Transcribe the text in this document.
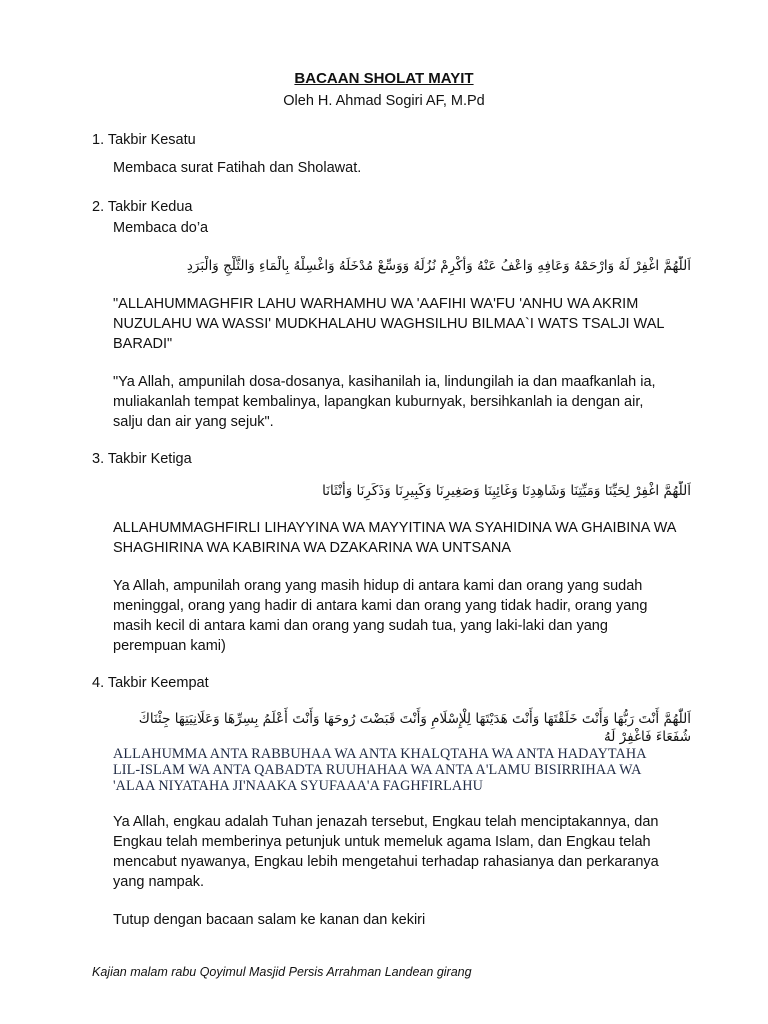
BACAAN SHOLAT MAYIT
Oleh H. Ahmad Sogiri AF, M.Pd
1. Takbir Kesatu
Membaca surat Fatihah dan Sholawat.
2. Takbir Kedua
Membaca do’a
اَللّٰهُمَّ اغْفِرْ لَهُ وَارْحَمْهُ وَعَافِهِ وَاعْفُ عَنْهُ وَأَكْرِمْ نُزُلَهُ وَوَسِّعْ مُدْخَلَهُ وَاغْسِلْهُ بِالْمَاءِ وَالثَّلْجِ وَالْبَرَدِ
"ALLAHUMMAGHFIR LAHU WARHAMHU WA 'AAFIHI WA'FU 'ANHU WA AKRIM NUZULAHU WA WASSI' MUDKHALAHU WAGHSILHU BILMAA`I WATS TSALJI WAL BARADI"
"Ya Allah, ampunilah dosa-dosanya, kasihanilah ia, lindungilah ia dan maafkanlah ia, muliakanlah tempat kembalinya, lapangkan kuburnyak, bersihkanlah ia dengan air, salju dan air yang sejuk".
3. Takbir Ketiga
اَللّٰهُمَّ اغْفِرْ لِحَيِّنَا وَمَيِّتِنَا وَشَاهِدِنَا وَغَائِبِنَا وَصَغِيرِنَا وَكَبِيرِنَا وَذَكَرِنَا وَأُنْثَانَا
ALLAHUMMAGHFIRLI LIHAYYINA WA MAYYITINA WA SYAHIDINA WA GHAIBINA WA SHAGHIRINA WA KABIRINA WA DZAKARINA WA UNTSANA
Ya Allah, ampunilah orang yang masih hidup di antara kami dan orang yang sudah meninggal, orang yang hadir di antara kami dan orang yang tidak hadir, orang yang masih kecil di antara kami dan orang yang sudah tua, yang laki-laki dan yang perempuan kami)
4. Takbir Keempat
اَللّٰهُمَّ أَنْتَ رَبُّهَا وَأَنْتَ خَلَقْتَهَا وَأَنْتَ هَدَيْتَهَا لِلْإِسْلَامِ وَأَنْتَ قَبَضْتَ رُوحَهَا وَأَنْتَ أَعْلَمُ بِسِرِّهَا وَعَلَانِيَتِهَا جِئْنَاكَ شُفَعَاءَ فَاغْفِرْ لَهُ
ALLAHUMMA ANTA RABBUHAA WA ANTA KHALQTAHA WA ANTA HADAYTAHA LIL-ISLAM WA ANTA QABADTA RUUHAHAA WA ANTA A'LAMU BISIRRIHAA WA 'ALAA NIYATAHA JI'NAAKA SYUFAAA'A FAGHFIRLAHU
Ya Allah, engkau adalah Tuhan jenazah tersebut, Engkau telah menciptakannya, dan Engkau telah memberinya petunjuk untuk memeluk agama Islam, dan Engkau telah mencabut nyawanya, Engkau lebih mengetahui terhadap rahasianya dan perkaranya yang nampak.
Tutup dengan bacaan salam ke kanan dan kekiri
Kajian malam rabu Qoyimul Masjid Persis Arrahman Landean girang
